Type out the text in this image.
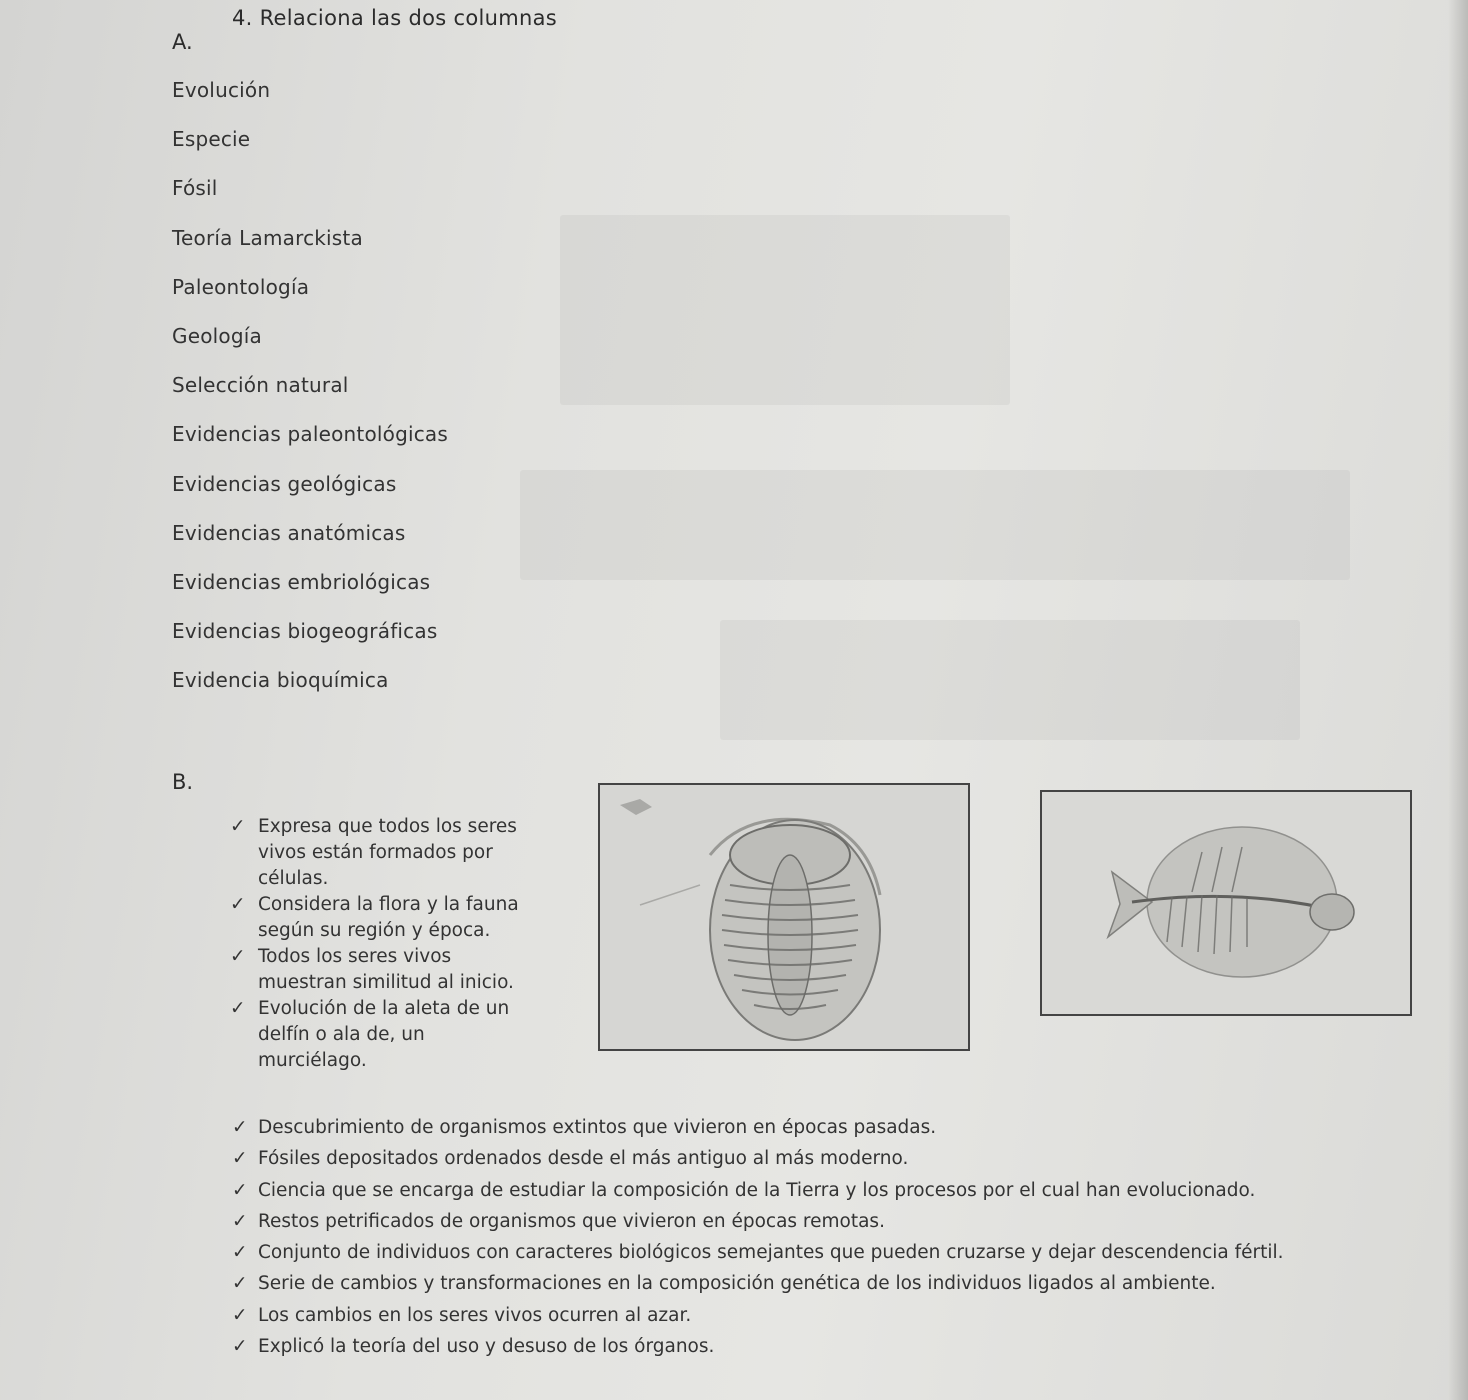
4. Relaciona las dos columnas
A.
Evolución
Especie
Fósil
Teoría Lamarckista
Paleontología
Geología
Selección natural
Evidencias paleontológicas
Evidencias geológicas
Evidencias anatómicas
Evidencias embriológicas
Evidencias biogeográficas
Evidencia bioquímica
B.
✓ Expresa que todos los seres
vivos están formados por
células.
✓ Considera la flora y la fauna
según su región y época.
✓ Todos los seres vivos
muestran similitud al inicio.
✓ Evolución de la aleta de un
delfín o ala de, un
murciélago.
✓ Descubrimiento de organismos extintos que vivieron en épocas pasadas.
✓ Fósiles depositados ordenados desde el más antiguo al más moderno.
✓ Ciencia que se encarga de estudiar la composición de la Tierra y los procesos por el cual han evolucionado.
✓ Restos petrificados de organismos que vivieron en épocas remotas.
✓ Conjunto de individuos con caracteres biológicos semejantes que pueden cruzarse y dejar descendencia fértil.
✓ Serie de cambios y transformaciones en la composición genética de los individuos ligados al ambiente.
✓ Los cambios en los seres vivos ocurren al azar.
✓ Explicó la teoría del uso y desuso de los órganos.
